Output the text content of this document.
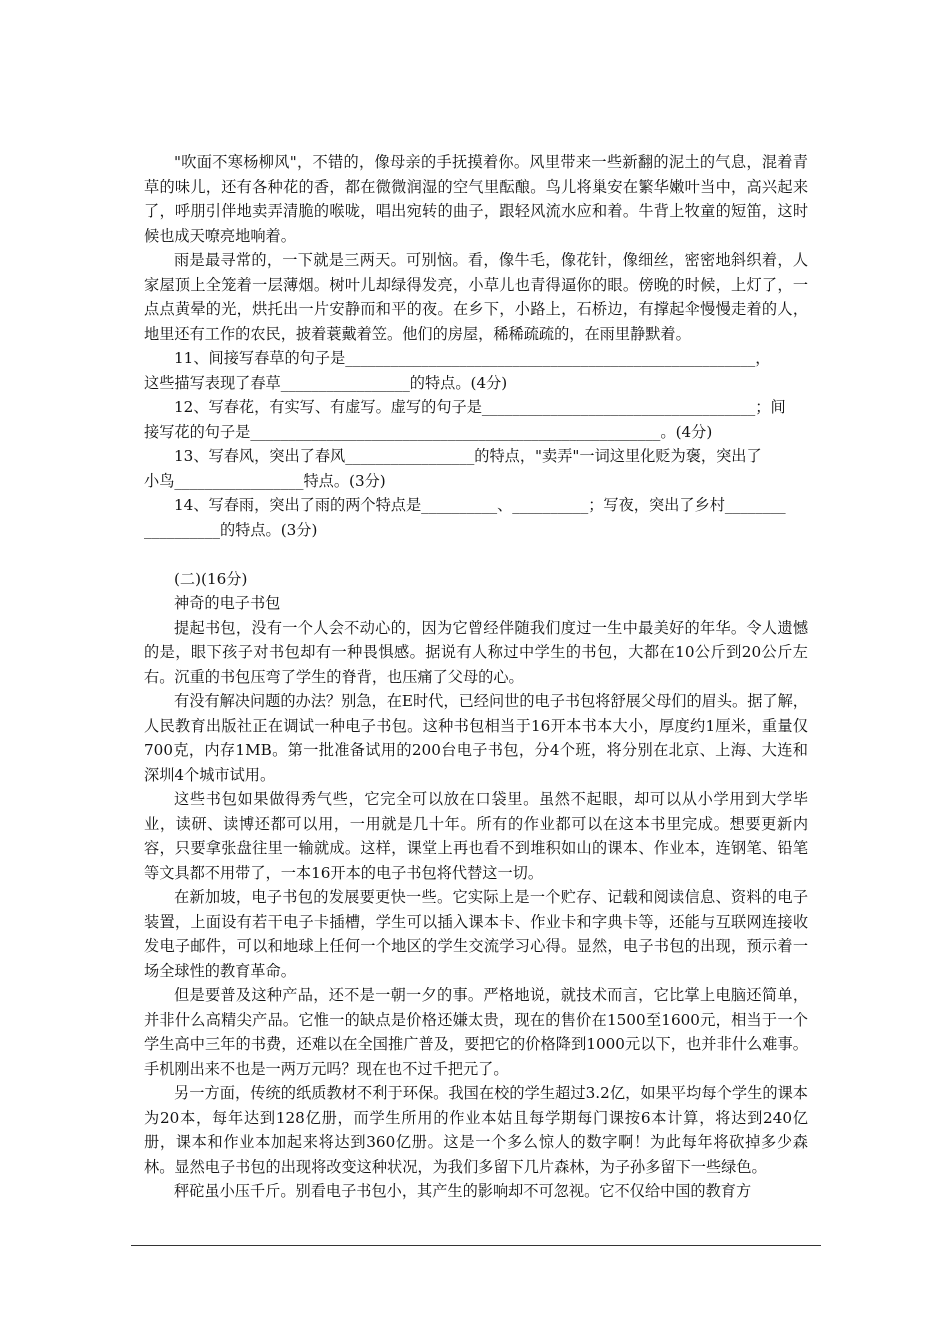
"吹面不寒杨柳风"，不错的，像母亲的手抚摸着你。风里带来一些新翻的泥土的气息，混着青草的味儿，还有各种花的香，都在微微润湿的空气里酝酿。鸟儿将巢安在繁华嫩叶当中，高兴起来了，呼朋引伴地卖弄清脆的喉咙，唱出宛转的曲子，跟轻风流水应和着。牛背上牧童的短笛，这时候也成天嘹亮地响着。

雨是最寻常的，一下就是三两天。可别恼。看，像牛毛，像花针，像细丝，密密地斜织着，人家屋顶上全笼着一层薄烟。树叶儿却绿得发亮，小草儿也青得逼你的眼。傍晚的时候，上灯了，一点点黄晕的光，烘托出一片安静而和平的夜。在乡下，小路上，石桥边，有撑起伞慢慢走着的人，地里还有工作的农民，披着蓑戴着笠。他们的房屋，稀稀疏疏的，在雨里静默着。

11、间接写春草的句子是______________________________________________________，

这些描写表现了春草_________________的特点。(4分)

12、写春花，有实写、有虚写。虚写的句子是____________________________________；间

接写花的句子是______________________________________________________。(4分)

13、写春风，突出了春风_________________的特点，"卖弄"一词这里化贬为褒，突出了

小鸟_________________特点。(3分)

14、写春雨，突出了雨的两个特点是__________、__________；写夜，突出了乡村________

__________的特点。(3分)

(二)(16分)

神奇的电子书包

提起书包，没有一个人会不动心的，因为它曾经伴随我们度过一生中最美好的年华。令人遗憾的是，眼下孩子对书包却有一种畏惧感。据说有人称过中学生的书包，大都在10公斤到20公斤左右。沉重的书包压弯了学生的脊背，也压痛了父母的心。

有没有解决问题的办法？别急，在E时代，已经问世的电子书包将舒展父母们的眉头。据了解，人民教育出版社正在调试一种电子书包。这种书包相当于16开本书本大小，厚度约1厘米，重量仅700克，内存1MB。第一批准备试用的200台电子书包，分4个班，将分别在北京、上海、大连和深圳4个城市试用。

这些书包如果做得秀气些，它完全可以放在口袋里。虽然不起眼，却可以从小学用到大学毕业，读研、读博还都可以用，一用就是几十年。所有的作业都可以在这本书里完成。想要更新内容，只要拿张盘往里一输就成。这样，课堂上再也看不到堆积如山的课本、作业本，连钢笔、铅笔等文具都不用带了，一本16开本的电子书包将代替这一切。

在新加坡，电子书包的发展要更快一些。它实际上是一个贮存、记载和阅读信息、资料的电子装置，上面设有若干电子卡插槽，学生可以插入课本卡、作业卡和字典卡等，还能与互联网连接收发电子邮件，可以和地球上任何一个地区的学生交流学习心得。显然，电子书包的出现，预示着一场全球性的教育革命。

但是要普及这种产品，还不是一朝一夕的事。严格地说，就技术而言，它比掌上电脑还简单，并非什么高精尖产品。它惟一的缺点是价格还嫌太贵，现在的售价在1500至1600元，相当于一个学生高中三年的书费，还难以在全国推广普及，要把它的价格降到1000元以下，也并非什么难事。手机刚出来不也是一两万元吗？现在也不过千把元了。

另一方面，传统的纸质教材不利于环保。我国在校的学生超过3.2亿，如果平均每个学生的课本为20本，每年达到128亿册，而学生所用的作业本姑且每学期每门课按6本计算，将达到240亿册，课本和作业本加起来将达到360亿册。这是一个多么惊人的数字啊！为此每年将砍掉多少森林。显然电子书包的出现将改变这种状况，为我们多留下几片森林，为子孙多留下一些绿色。

秤砣虽小压千斤。别看电子书包小，其产生的影响却不可忽视。它不仅给中国的教育方
